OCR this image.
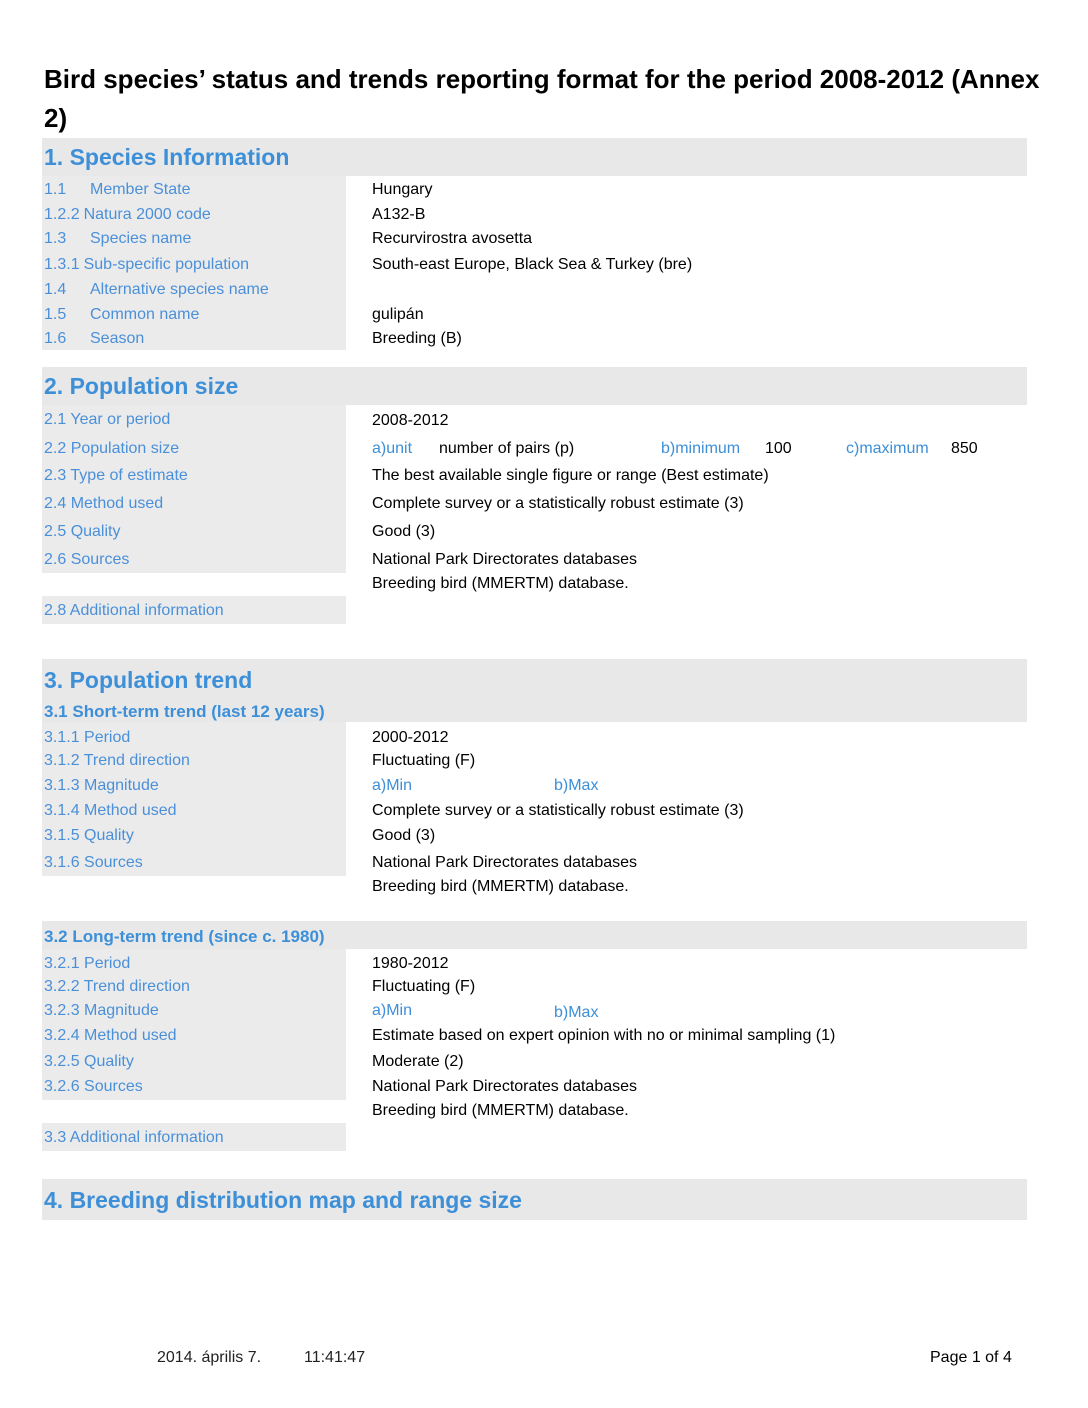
Bird species’ status and trends reporting format for the period 2008-2012 (Annex 2)
1. Species Information
1.1 Member State	Hungary
1.2.2 Natura 2000 code	A132-B
1.3 Species name	Recurvirostra avosetta
1.3.1 Sub-specific population	South-east Europe, Black Sea & Turkey (bre)
1.4 Alternative species name
1.5 Common name	gulipán
1.6 Season	Breeding (B)
2. Population size
2.1 Year or period	2008-2012
2.2 Population size	a)unit number of pairs (p)	b)minimum 100	c)maximum 850
2.3 Type of estimate	The best available single figure or range (Best estimate)
2.4 Method used	Complete survey or a statistically robust estimate (3)
2.5 Quality	Good (3)
2.6 Sources	National Park Directorates databases
Breeding bird (MMERTM) database.
2.8 Additional information
3. Population trend
3.1 Short-term trend (last 12 years)
3.1.1 Period	2000-2012
3.1.2 Trend direction	Fluctuating (F)
3.1.3 Magnitude	a)Min	b)Max
3.1.4 Method used	Complete survey or a statistically robust estimate (3)
3.1.5 Quality	Good (3)
3.1.6 Sources	National Park Directorates databases
Breeding bird (MMERTM) database.
3.2 Long-term trend (since c. 1980)
3.2.1 Period	1980-2012
3.2.2 Trend direction	Fluctuating (F)
3.2.3 Magnitude	a)Min	b)Max
3.2.4 Method used	Estimate based on expert opinion with no or minimal sampling (1)
3.2.5 Quality	Moderate (2)
3.2.6 Sources	National Park Directorates databases
Breeding bird (MMERTM) database.
3.3 Additional information
4. Breeding distribution map and range size
2014. április 7.	11:41:47	Page 1 of 4
